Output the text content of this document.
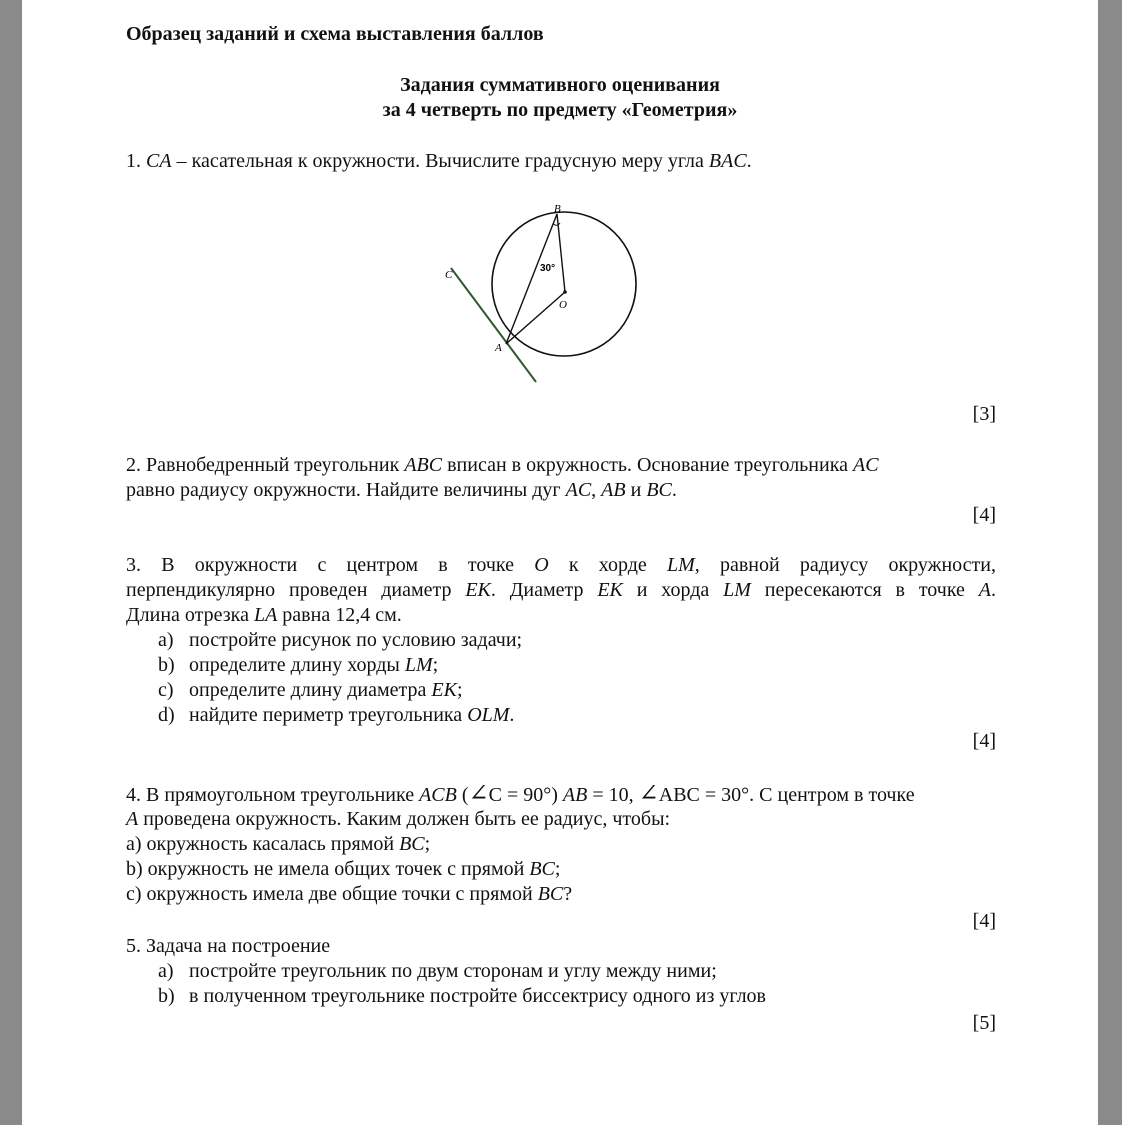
Образец заданий и схема выставления баллов

Задания суммативного оценивания

за 4 четверть по предмету «Геометрия»

1. CA – касательная к окружности. Вычислите градусную меру угла BAC.

B
C
O
A
30°

[3]

2. Равнобедренный треугольник ABC вписан в окружность. Основание треугольника AC

равно радиусу окружности. Найдите величины дуг AC, AB и BC.

[4]

3. В окружности с центром в точке O к хорде LM, равной радиусу окружности,

перпендикулярно проведен диаметр EK. Диаметр EK и хорда LM пересекаются в точке A.

Длина отрезка LA равна 12,4 см.

a) постройте рисунок по условию задачи;

b) определите длину хорды LM;

c) определите длину диаметра EK;

d) найдите периметр треугольника OLM.

[4]

4. В прямоугольном треугольнике ACB (∠C = 90°) AB = 10, ∠ABC = 30°. С центром в точке

A проведена окружность. Каким должен быть ее радиус, чтобы:

a) окружность касалась прямой BC;

b) окружность не имела общих точек с прямой BC;

c) окружность имела две общие точки с прямой BC?

[4]

5. Задача на построение

a) постройте треугольник по двум сторонам и углу между ними;

b) в полученном треугольнике постройте биссектрису одного из углов

[5]
